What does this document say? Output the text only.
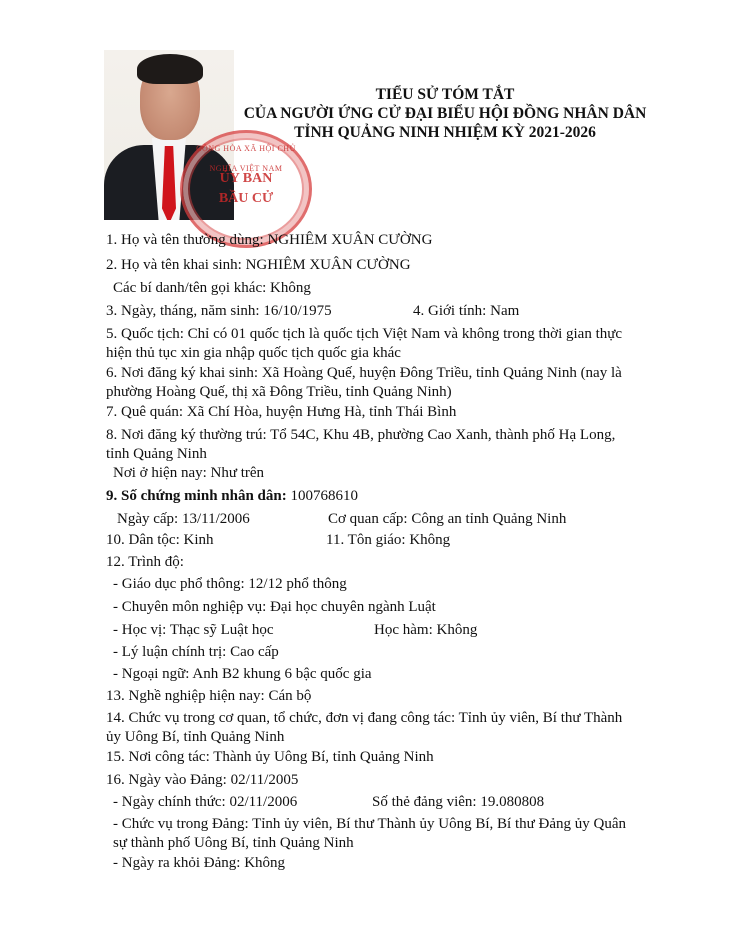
CỘNG HÒA XÃ HỘI CHỦ NGHĨA VIỆT NAM
ỦY BAN
BẦU CỬ
TIỂU SỬ TÓM TẮT
CỦA NGƯỜI ỨNG CỬ ĐẠI BIỂU HỘI ĐỒNG NHÂN DÂN
TỈNH QUẢNG NINH NHIỆM KỲ 2021-2026
1. Họ và tên thường dùng: NGHIÊM XUÂN CƯỜNG
2. Họ và tên khai sinh: NGHIÊM XUÂN CƯỜNG
Các bí danh/tên gọi khác: Không
3. Ngày, tháng, năm sinh: 16/10/1975	4. Giới tính: Nam
5. Quốc tịch: Chỉ có 01 quốc tịch là quốc tịch Việt Nam và không trong thời gian thực hiện thủ tục xin gia nhập quốc tịch quốc gia khác
6. Nơi đăng ký khai sinh: Xã Hoàng Quế, huyện Đông Triều, tỉnh Quảng Ninh (nay là phường Hoàng Quế, thị xã Đông Triều, tỉnh Quảng Ninh)
7. Quê quán: Xã Chí Hòa, huyện Hưng Hà, tỉnh Thái Bình
8. Nơi đăng ký thường trú: Tổ 54C, Khu 4B, phường Cao Xanh, thành phố Hạ Long, tỉnh Quảng Ninh
Nơi ở hiện nay: Như trên
9. Số chứng minh nhân dân: 100768610
Ngày cấp: 13/11/2006	Cơ quan cấp: Công an tỉnh Quảng Ninh
10. Dân tộc: Kinh	11. Tôn giáo: Không
12. Trình độ:
- Giáo dục phổ thông: 12/12 phổ thông
- Chuyên môn nghiệp vụ: Đại học chuyên ngành Luật
- Học vị: Thạc sỹ Luật học	Học hàm: Không
- Lý luận chính trị: Cao cấp
- Ngoại ngữ: Anh B2 khung 6 bậc quốc gia
13. Nghề nghiệp hiện nay: Cán bộ
14. Chức vụ trong cơ quan, tổ chức, đơn vị đang công tác: Tỉnh ủy viên, Bí thư Thành ủy Uông Bí, tỉnh Quảng Ninh
15. Nơi công tác: Thành ủy Uông Bí, tỉnh Quảng Ninh
16. Ngày vào Đảng: 02/11/2005
- Ngày chính thức: 02/11/2006	Số thẻ đảng viên: 19.080808
- Chức vụ trong Đảng: Tỉnh ủy viên, Bí thư Thành ủy Uông Bí, Bí thư Đảng ủy Quân sự thành phố Uông Bí, tỉnh Quảng Ninh
- Ngày ra khỏi Đảng: Không
